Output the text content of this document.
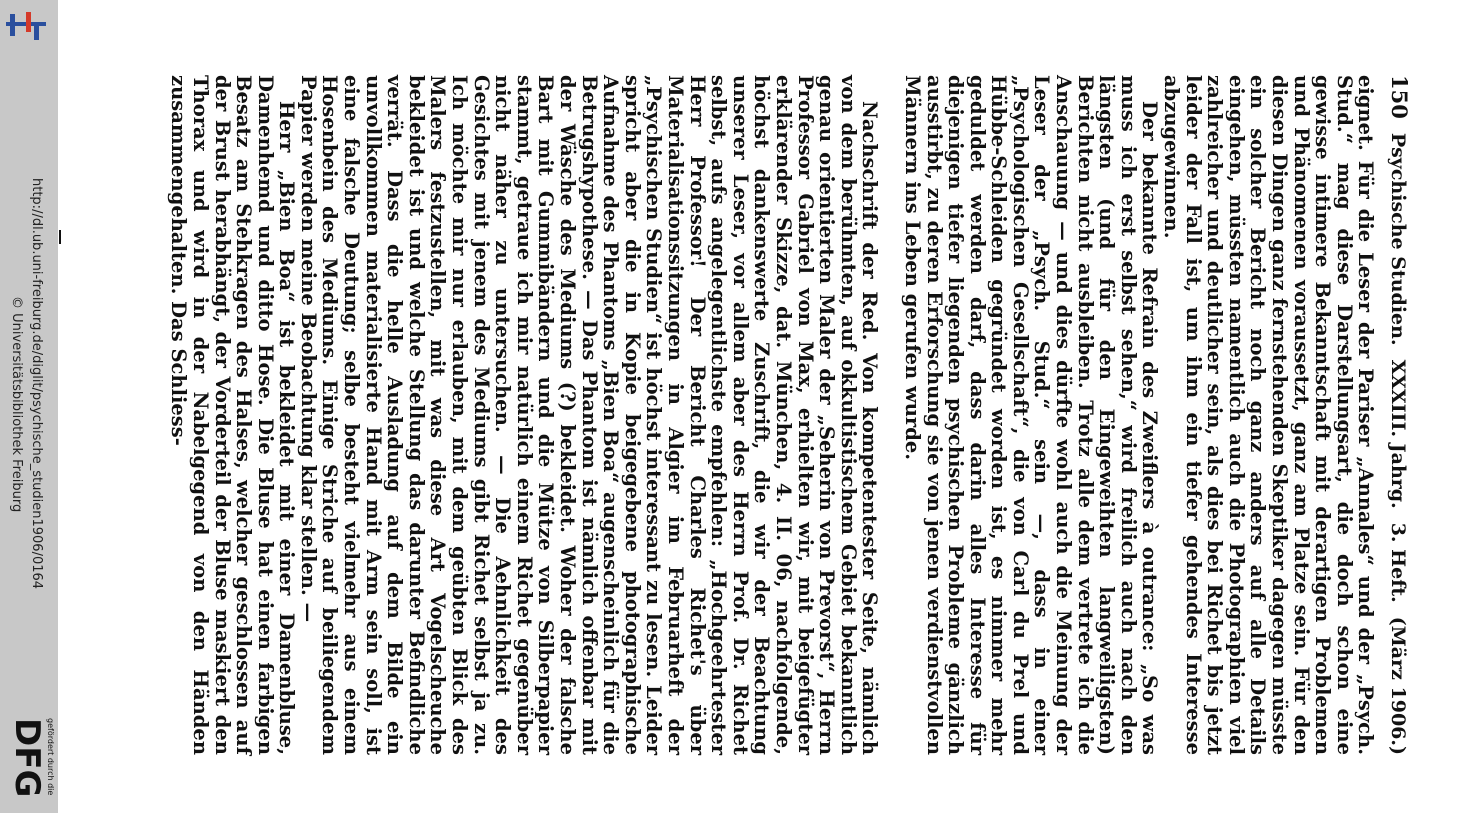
http://dl.ub.uni-freiburg.de/diglit/psychische_studien1906/0164
© Universitätsbibliothek Freiburg
DFG gefördert durch die
150
Psychische Studien.
XXXIII. Jahrg.
3. Heft.
(März 1906.)

eignet. Für die Leser der Pariser „Annales“ und der „Psych. Stud.“ mag diese Darstellungsart, die doch schon eine gewisse intimere Bekanntschaft mit derartigen Problemen und Phänomenen voraussetzt, ganz am Platze sein. Für den diesen Dingen ganz fernstehenden Skeptiker dagegen müsste ein solcher Bericht noch ganz anders auf alle Details eingehen, müssten namentlich auch die Photographien viel zahlreicher und deutlicher sein, als dies bei Richet bis jetzt leider der Fall ist, um ihm ein tiefer gehendes Interesse abzugewinnen.

Der bekannte Refrain des Zweiflers à outrance: „So was muss ich erst selbst sehen,“ wird freilich auch nach den längsten (und für den Eingeweihten langweiligsten) Berichten nicht ausbleiben. Trotz alle dem vertrete ich die Anschauung — und dies dürfte wohl auch die Meinung der Leser der „Psych. Stud.“ sein —, dass in einer „Psychologischen Gesellschaft“, die von Carl du Prel und Hübbe-Schleiden gegründet worden ist, es nimmer mehr geduldet werden darf, dass darin alles Interesse für diejenigen tiefer liegenden psychischen Probleme gänzlich ausstirbt, zu deren Erforschung sie von jenen verdienstvollen Männern ins Leben gerufen wurde.

Nachschrift der Red. Von kompetentester Seite, nämlich von dem berühmten, auf okkultistischem Gebiet bekanntlich genau orientierten Maler der „Seherin von Prevorst“, Herrn Professor Gabriel von Max, erhielten wir, mit beigefügter erklärender Skizze, dat. München, 4. II. 06, nachfolgende, höchst dankenswerte Zuschrift, die wir der Beachtung unserer Leser, vor allem aber des Herrn Prof. Dr. Richet selbst, aufs angelegentlichste empfehlen: „Hochgeehrtester Herr Professor! Der Bericht Charles Richet's über Materialisationssitzungen in Algier im Februarheft der „Psychischen Studien“ ist höchst interessant zu lesen. Leider spricht aber die in Kopie beigegebene photographische Aufnahme des Phantoms „Bien Boa“ augenscheinlich für die Betrugshypothese. — Das Phantom ist nämlich offenbar mit der Wäsche des Mediums (?) bekleidet. Woher der falsche Bart mit Gummibändern und die Mütze von Silberpapier stammt, getraue ich mir natürlich einem Richet gegenüber nicht näher zu untersuchen. — Die Aehnlichkeit des Gesichtes mit jenem des Mediums gibt Richet selbst ja zu. Ich möchte mir nur erlauben, mit dem geübten Blick des Malers festzustellen, mit was diese Art Vogelscheuche bekleidet ist und welche Stellung das darunter Befindliche verrät. Dass die helle Ausladung auf dem Bilde ein unvollkommen materialisierte Hand mit Arm sein soll, ist eine falsche Deutung; selbe besteht vielmehr aus einem Hosenbein des Mediums. Einige Striche auf beiliegendem Papier werden meine Beobachtung klar stellen. —

Herr „Bien Boa“ ist bekleidet mit einer Damenbluse, Damenhemd und ditto Hose. Die Bluse hat einen farbigen Besatz am Stehkragen des Halses, welcher geschlossen auf der Brust herabhängt, der Vorderteil der Bluse maskiert den Thorax und wird in der Nabelgegend von den Händen zusammengehalten. Das Schliess-
